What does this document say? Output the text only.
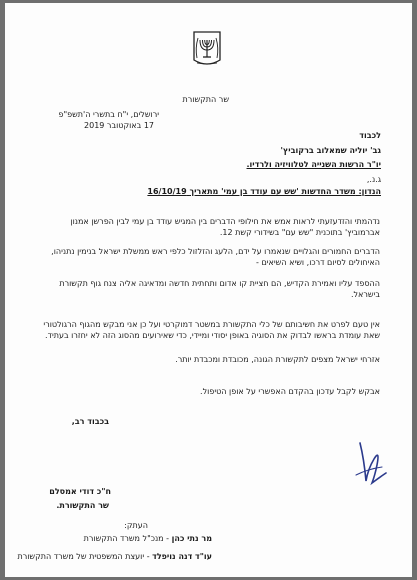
שר התקשורת
ירושלים, י"ח בתשרי ה'תשפ"פ
17 באוקטובר 2019
לכבוד
גב' יוליה שמאלוב ברקוביץ'
יו"ר הרשות השנייה לטלוויזיה ולרדיו.
ג.נ.,
הנדון: משדר החדשות 'שש עם עודד בן עמי' מתאריך 16/10/19
נדהמתי והזדעזעתי לראות אמש את חילופי הדברים בין המגיש עודד בן עמי לבין הפרשן אמנון אברמוביץ' בתוכנית "שש עם" בשידורי קשת 12.
הדברים החמורים והגלויים שנאמרו על ידם, הלעג והזלזול כלפי ראש ממשלת ישראל בנימין נתניהו, האיחולים לסיום דרכו, ושיא השיאים -
ההספד עליו ואמירת הקדיש, הם חציית קו אדום ותחתית חדשה ומדאיגה אליה צנח גוף תקשורת בישראל.
אין טעם לפרט את חשיבותם של כלי התקשורת במשטר דמוקרטי ועל כן אני מבקש מהגוף הרגולטורי שאת עומדת בראשו לבדוק את הסוגיה באופן יסודי ומיידי, כדי שאירועים מהסוג הזה לא יחזרו בעתיד.
אזרחי ישראל מצפים לתקשורת הגונה, מכובדת ומכבדת יותר.
אבקש לקבל עדכון בהקדם האפשרי על אופן הטיפול.
בכבוד רב,
ח"כ דודי אמסלם
שר התקשורת.
העתק:
מר נתי כהן - מנכ"ל משרד התקשורת
עו"ד דנה נויפלד - יועצת המשפטית של משרד התקשורת
